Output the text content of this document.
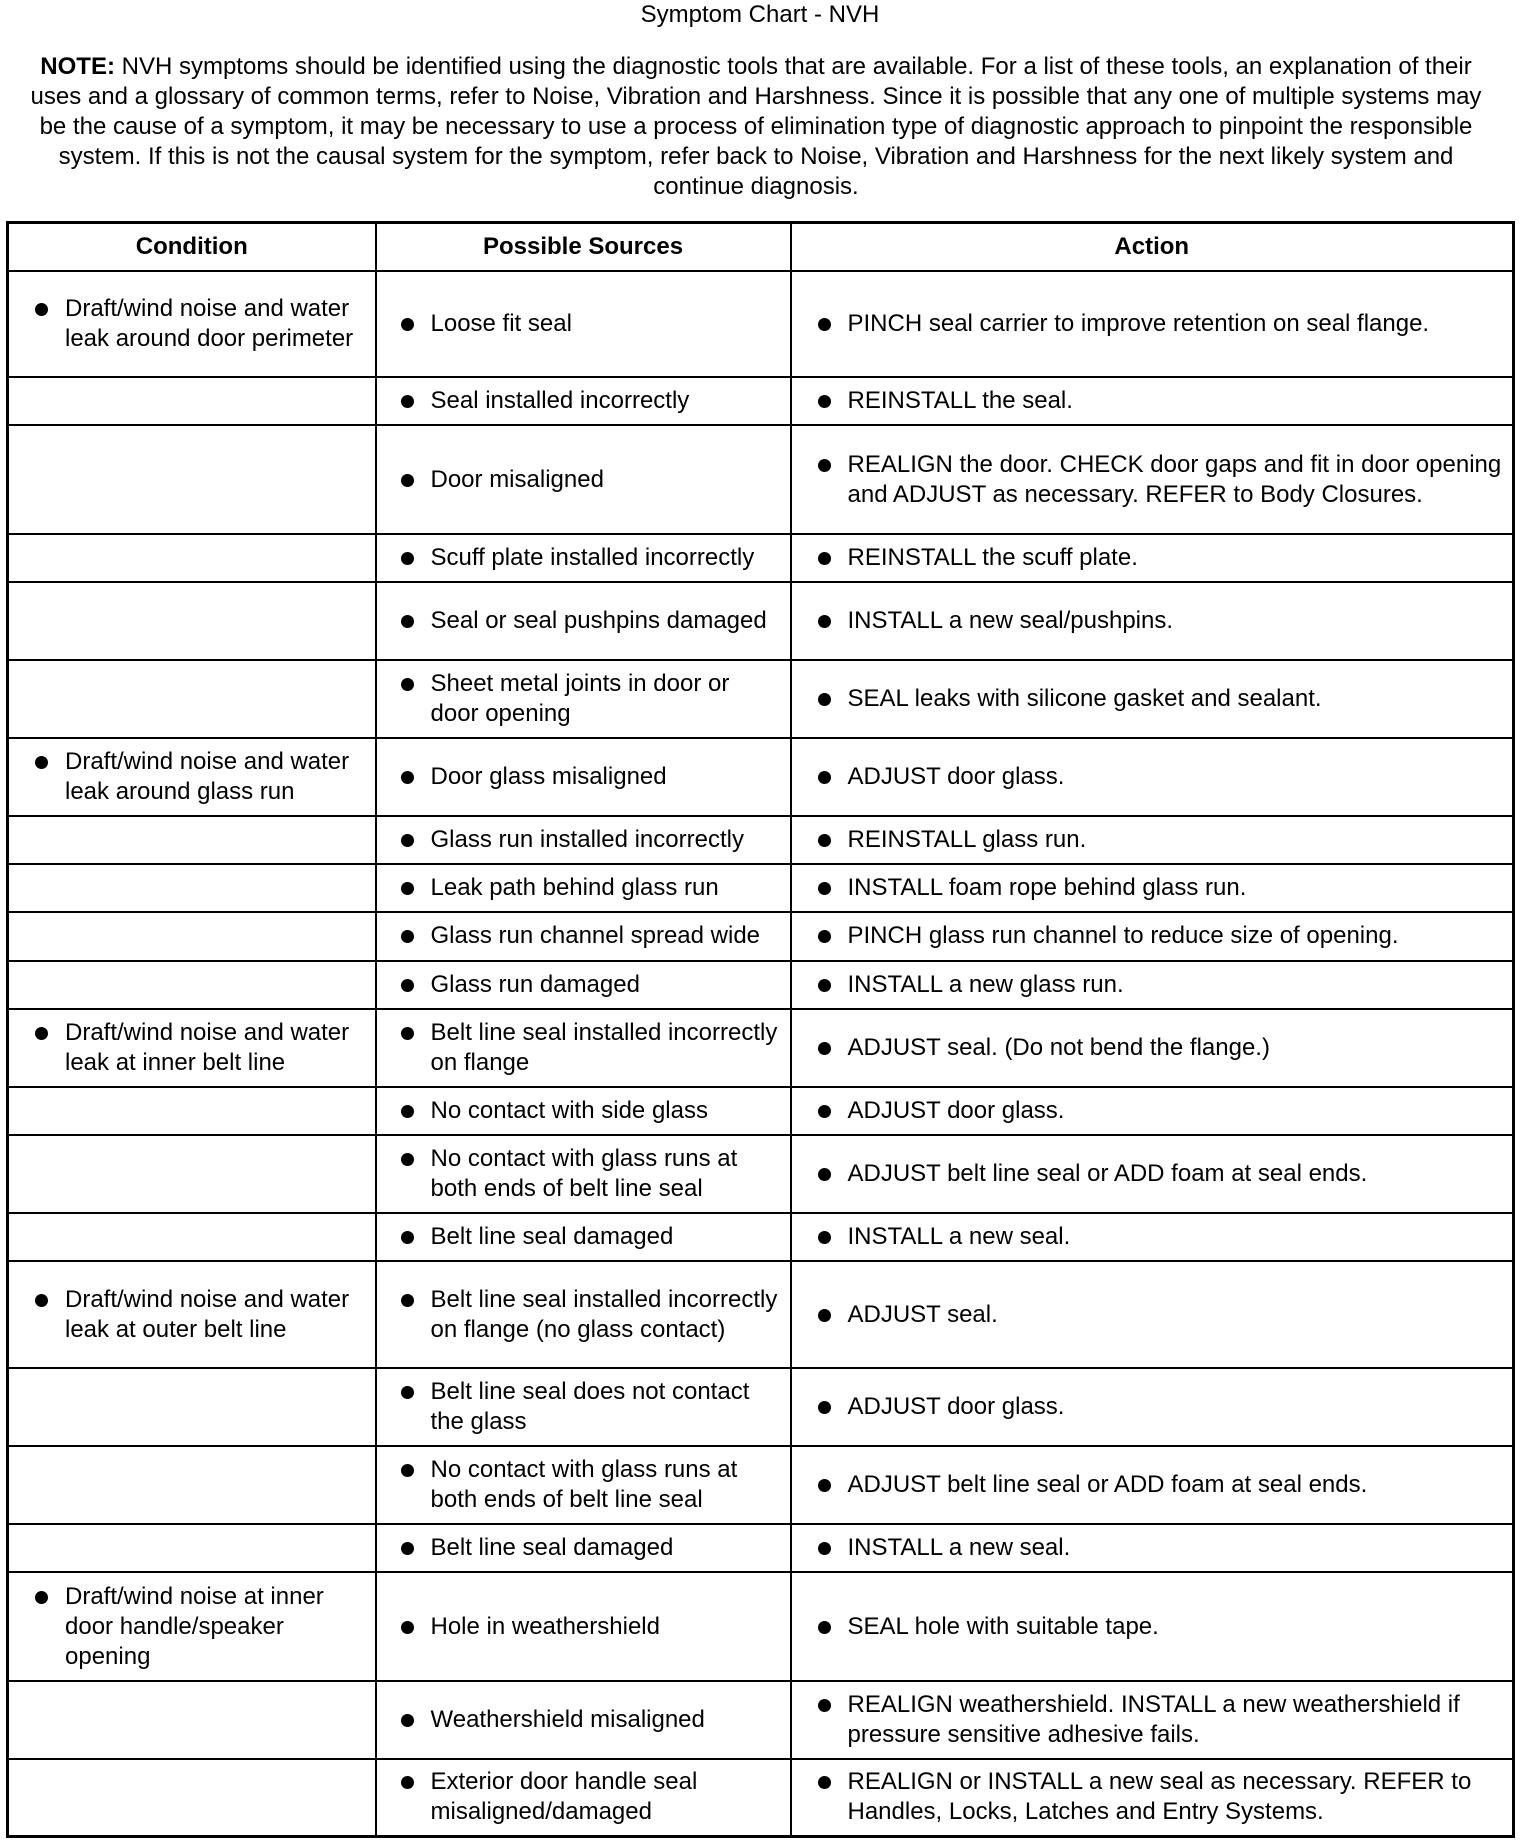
Symptom Chart - NVH
NOTE: NVH symptoms should be identified using the diagnostic tools that are available. For a list of these tools, an explanation of their uses and a glossary of common terms, refer to Noise, Vibration and Harshness. Since it is possible that any one of multiple systems may be the cause of a symptom, it may be necessary to use a process of elimination type of diagnostic approach to pinpoint the responsible system. If this is not the causal system for the symptom, refer back to Noise, Vibration and Harshness for the next likely system and continue diagnosis.
Condition	Possible Sources	Action

Draft/wind noise and water leak around door perimeter	Loose fit seal	PINCH seal carrier to improve retention on seal flange.

	Seal installed incorrectly	REINSTALL the seal.

	Door misaligned	REALIGN the door. CHECK door gaps and fit in door opening and ADJUST as necessary. REFER to Body Closures.

	Scuff plate installed incorrectly	REINSTALL the scuff plate.

	Seal or seal pushpins damaged	INSTALL a new seal/pushpins.

	Sheet metal joints in door or door opening	SEAL leaks with silicone gasket and sealant.

Draft/wind noise and water leak around glass run	Door glass misaligned	ADJUST door glass.

	Glass run installed incorrectly	REINSTALL glass run.

	Leak path behind glass run	INSTALL foam rope behind glass run.

	Glass run channel spread wide	PINCH glass run channel to reduce size of opening.

	Glass run damaged	INSTALL a new glass run.

Draft/wind noise and water leak at inner belt line	Belt line seal installed incorrectly on flange	ADJUST seal. (Do not bend the flange.)

	No contact with side glass	ADJUST door glass.

	No contact with glass runs at both ends of belt line seal	ADJUST belt line seal or ADD foam at seal ends.

	Belt line seal damaged	INSTALL a new seal.

Draft/wind noise and water leak at outer belt line	Belt line seal installed incorrectly on flange (no glass contact)	ADJUST seal.

	Belt line seal does not contact the glass	ADJUST door glass.

	No contact with glass runs at both ends of belt line seal	ADJUST belt line seal or ADD foam at seal ends.

	Belt line seal damaged	INSTALL a new seal.

Draft/wind noise at inner door handle/speaker opening	Hole in weathershield	SEAL hole with suitable tape.

	Weathershield misaligned	REALIGN weathershield. INSTALL a new weathershield if pressure sensitive adhesive fails.

	Exterior door handle seal misaligned/damaged	REALIGN or INSTALL a new seal as necessary. REFER to Handles, Locks, Latches and Entry Systems.
